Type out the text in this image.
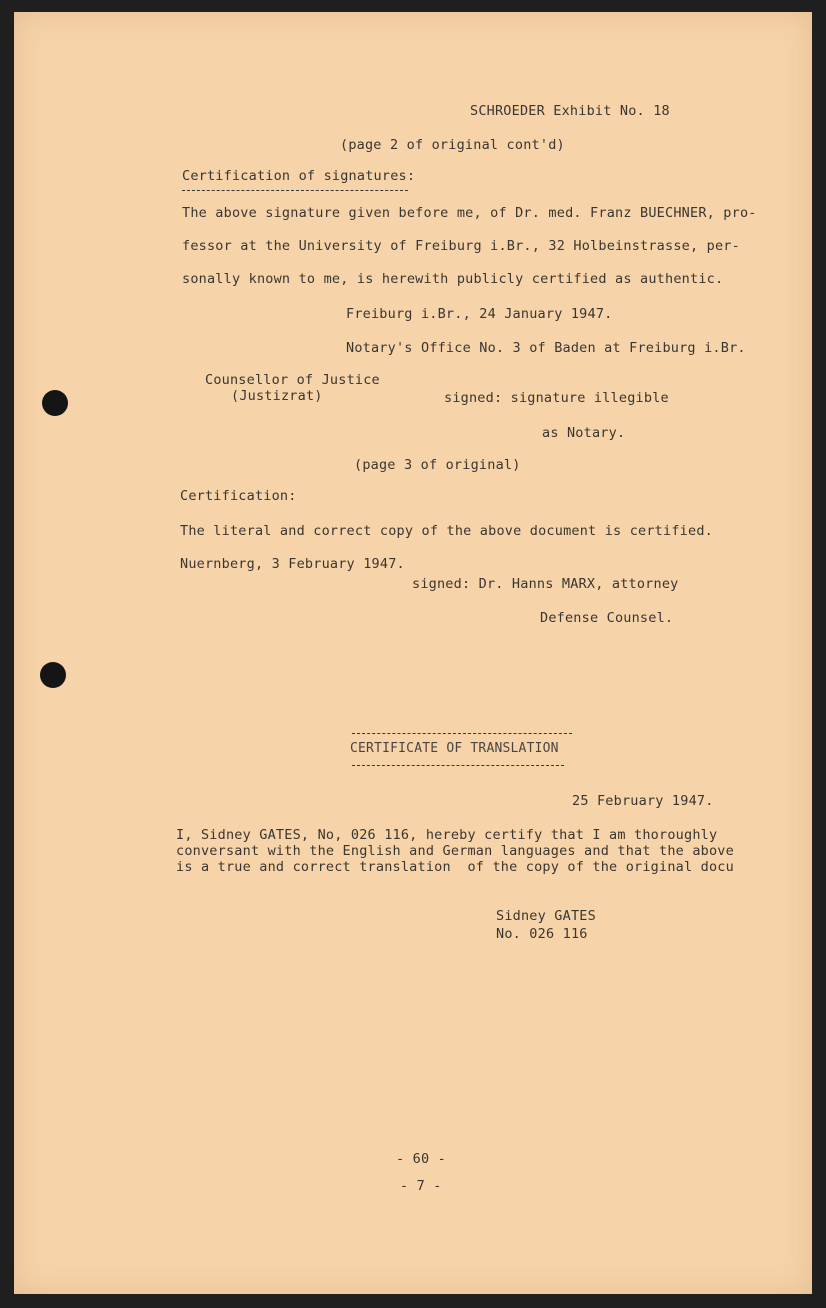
SCHROEDER Exhibit No. 18
(page 2 of original cont'd)
Certification of signatures:
The above signature given before me, of Dr. med. Franz BUECHNER, pro-
fessor at the University of Freiburg i.Br., 32 Holbeinstrasse, per-
sonally known to me, is herewith publicly certified as authentic.
Freiburg i.Br., 24 January 1947.
Notary's Office No. 3 of Baden at Freiburg i.Br.
Counsellor of Justice
(Justizrat)	signed: signature illegible
as Notary.
(page 3 of original)
Certification:
The literal and correct copy of the above document is certified.
Nuernberg, 3 February 1947.
signed: Dr. Hanns MARX, attorney
Defense Counsel.
CERTIFICATE OF TRANSLATION
25 February 1947.
I, Sidney GATES, No, 026 116, hereby certify that I am thoroughly
conversant with the English and German languages and that the above
is a true and correct translation  of the copy of the original docu
Sidney GATES
No. 026 116
- 60 -
- 7 -
